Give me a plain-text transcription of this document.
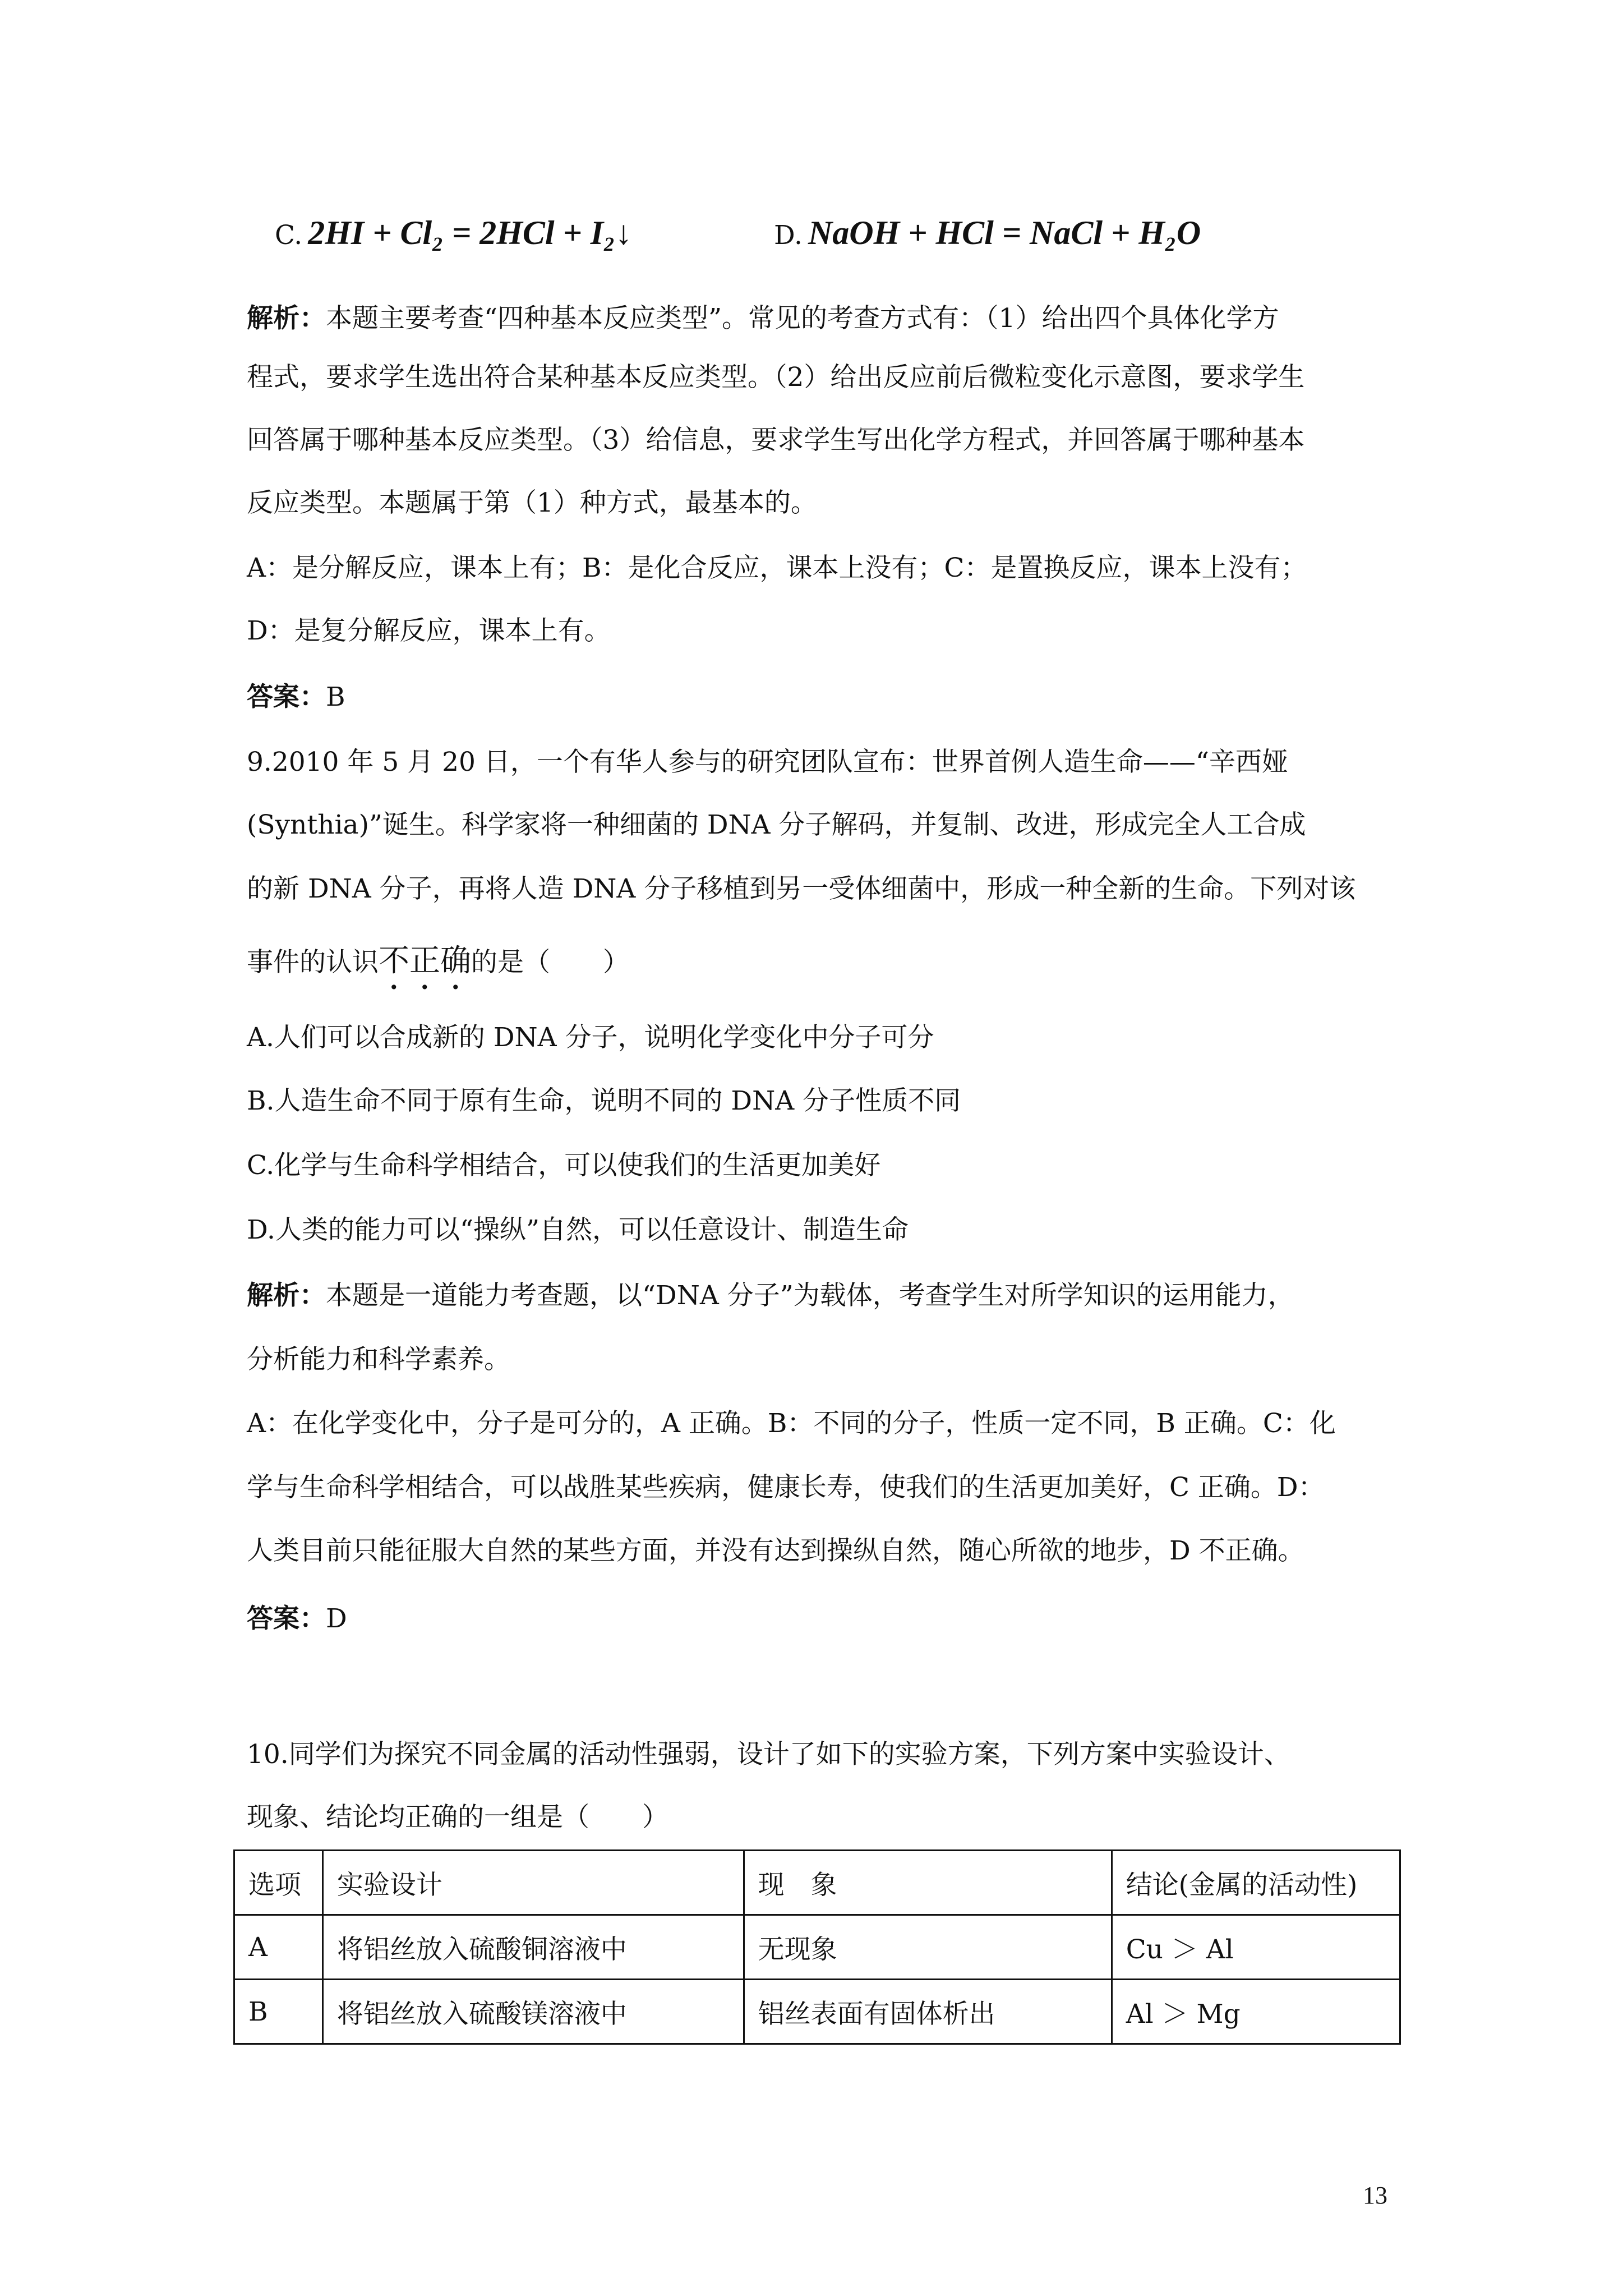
C. 2HI + Cl₂ = 2HCl + I₂↓	D. NaOH + HCl = NaCl + H₂O
解析：本题主要考查“四种基本反应类型”。常见的考查方式有：（1）给出四个具体化学方
程式，要求学生选出符合某种基本反应类型。（2）给出反应前后微粒变化示意图，要求学生
回答属于哪种基本反应类型。（3）给信息，要求学生写出化学方程式，并回答属于哪种基本
反应类型。本题属于第（1）种方式，最基本的。
A：是分解反应，课本上有；B：是化合反应，课本上没有；C：是置换反应，课本上没有；
D：是复分解反应，课本上有。
答案：B
9.2010 年 5 月 20 日，一个有华人参与的研究团队宣布：世界首例人造生命——“辛西娅
(Synthia)”诞生。科学家将一种细菌的 DNA 分子解码，并复制、改进，形成完全人工合成
的新 DNA 分子，再将人造 DNA 分子移植到另一受体细菌中，形成一种全新的生命。下列对该
事件的认识不正确的是（　　）
A.人们可以合成新的 DNA 分子，说明化学变化中分子可分
B.人造生命不同于原有生命，说明不同的 DNA 分子性质不同
C.化学与生命科学相结合，可以使我们的生活更加美好
D.人类的能力可以“操纵”自然，可以任意设计、制造生命
解析：本题是一道能力考查题，以“DNA 分子”为载体，考查学生对所学知识的运用能力，
分析能力和科学素养。
A：在化学变化中，分子是可分的，A 正确。B：不同的分子，性质一定不同，B 正确。C：化
学与生命科学相结合，可以战胜某些疾病，健康长寿，使我们的生活更加美好，C 正确。D：
人类目前只能征服大自然的某些方面，并没有达到操纵自然，随心所欲的地步，D 不正确。
答案：D
10.同学们为探究不同金属的活动性强弱，设计了如下的实验方案，下列方案中实验设计、
现象、结论均正确的一组是（　　）
选项	实验设计	现　象	结论(金属的活动性)
A	将铝丝放入硫酸铜溶液中	无现象	Cu ＞ Al
B	将铝丝放入硫酸镁溶液中	铝丝表面有固体析出	Al ＞ Mg
13
